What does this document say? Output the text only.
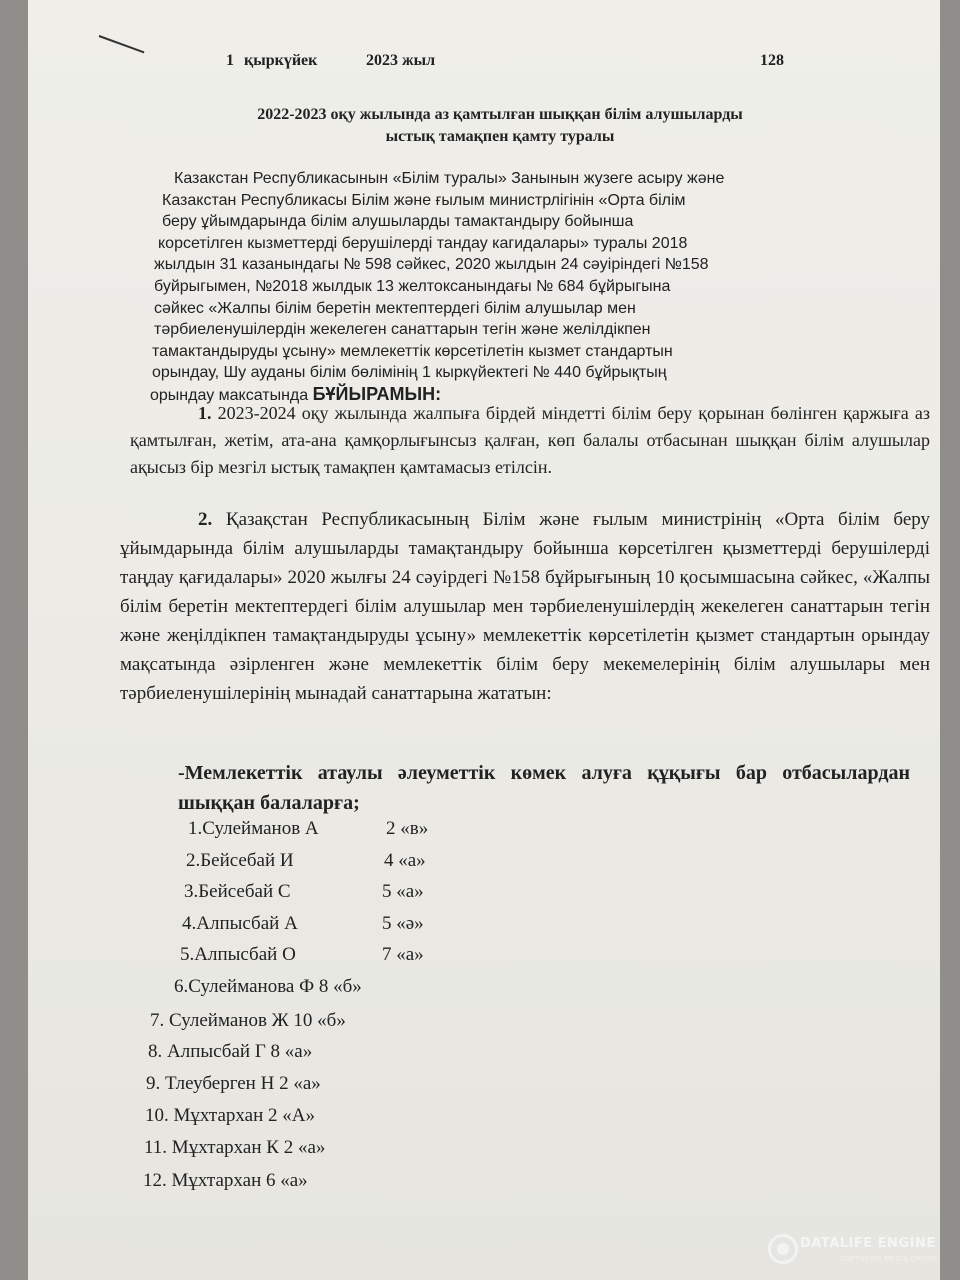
1 қыркүйек	2023 жыл	128
2022-2023 оқу жылында аз қамтылған шыққан білім алушыларды
ыстық тамақпен қамту туралы
Казакстан Республикасынын «Білім туралы» Занынын жузеге асыру және
Казакстан Республикасы Білім және ғылым министрлігінін «Орта білім
беру ұйымдарында білім алушыларды тамактандыру бойынша
корсетілген кызметтерді берушілерді тандау кагидалары» туралы 2018
жылдын 31 казанындагы № 598 сәйкес, 2020 жылдын 24 сәуіріндегі №158
буйрыгымен, №2018 жылдык 13 желтоксанындағы № 684 бұйрыгына
сәйкес «Жалпы білім беретін мектептердегі білім алушылар мен
тәрбиеленушілердін жекелеген санаттарын тегін және желілдікпен
тамактандыруды ұсыну» мемлекеттік көрсетілетін кызмет стандартын
орындау, Шу ауданы білім бөлімінің 1 кыркүйектегі № 440 бұйрықтың
орындау максатында БҰЙЫРАМЫН:
1. 2023-2024 оқу жылында жалпыға бірдей міндетті білім беру қорынан бөлінген қаржыға аз қамтылған, жетім, ата-ана қамқорлығынсыз қалған, көп балалы отбасынан шыққан білім алушылар ақысыз бір мезгіл ыстық тамақпен қамтамасыз етілсін.
2. Қазақстан Республикасының Білім және ғылым министрінің «Орта білім беру ұйымдарында білім алушыларды тамақтандыру бойынша көрсетілген қызметтерді берушілерді таңдау қағидалары» 2020 жылғы 24 сәуірдегі №158 бұйрығының 10 қосымшасына сәйкес, «Жалпы білім беретін мектептердегі білім алушылар мен тәрбиеленушілердің жекелеген санаттарын тегін және жеңілдікпен тамақтандыруды ұсыну» мемлекеттік көрсетілетін қызмет стандартын орындау мақсатында әзірленген және мемлекеттік білім беру мекемелерінің білім алушылары мен тәрбиеленушілерінің мынадай санаттарына жататын:
-Мемлекеттік атаулы әлеуметтік көмек алуға құқығы бар отбасылардан шыққан балаларға;
1.Сулейманов А	2 «в»
2.Бейсебай И	4 «а»
3.Бейсебай С	5 «а»
4.Алпысбай А	5 «ә»
5.Алпысбай О	7 «а»
6.Сулейманова Ф 8 «б»
7. Сулейманов Ж 10 «б»
8. Алпысбай Г 8 «а»
9. Тлеуберген Н 2 «а»
10. Мұхтархан 2 «А»
11. Мұхтархан К 2 «а»
12. Мұхтархан 6 «а»
DATALIFE ENGINE
SOFTNEWS MEDIA GROUP
